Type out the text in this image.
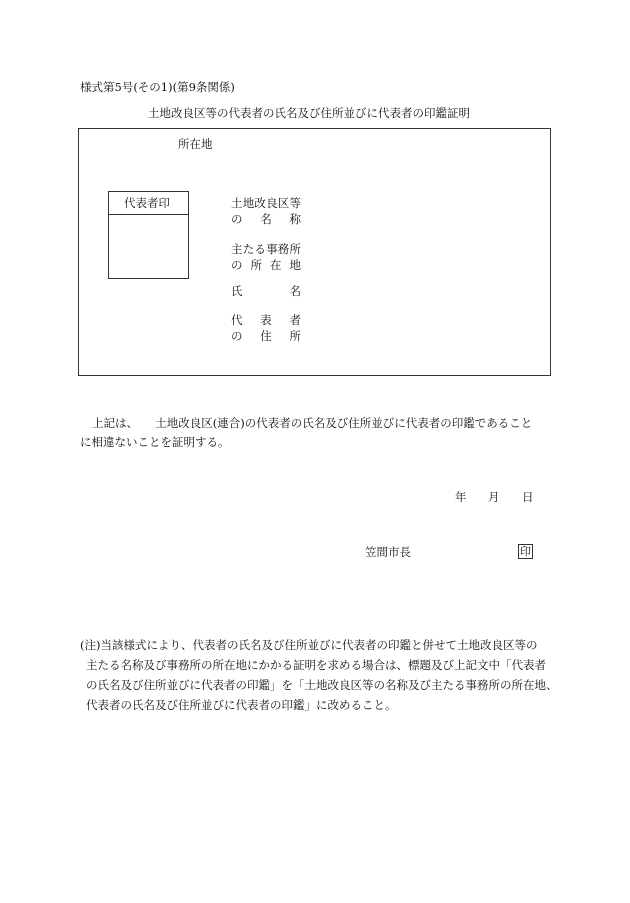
様式第5号(その1)(第9条関係)
土地改良区等の代表者の氏名及び住所並びに代表者の印鑑証明
所在地
代表者印	土地改良区等
の名称
主たる事務所
の所在地
氏名
代表者
の住所
上記は、　　土地改良区(連合)の代表者の氏名及び住所並びに代表者の印鑑であること
に相違ないことを証明する。
年 月 日
笠間市長	印
(注)当該様式により、代表者の氏名及び住所並びに代表者の印鑑と併せて土地改良区等の
主たる名称及び事務所の所在地にかかる証明を求める場合は、標題及び上記文中「代表者
の氏名及び住所並びに代表者の印鑑」を「土地改良区等の名称及び主たる事務所の所在地、
代表者の氏名及び住所並びに代表者の印鑑」に改めること。
